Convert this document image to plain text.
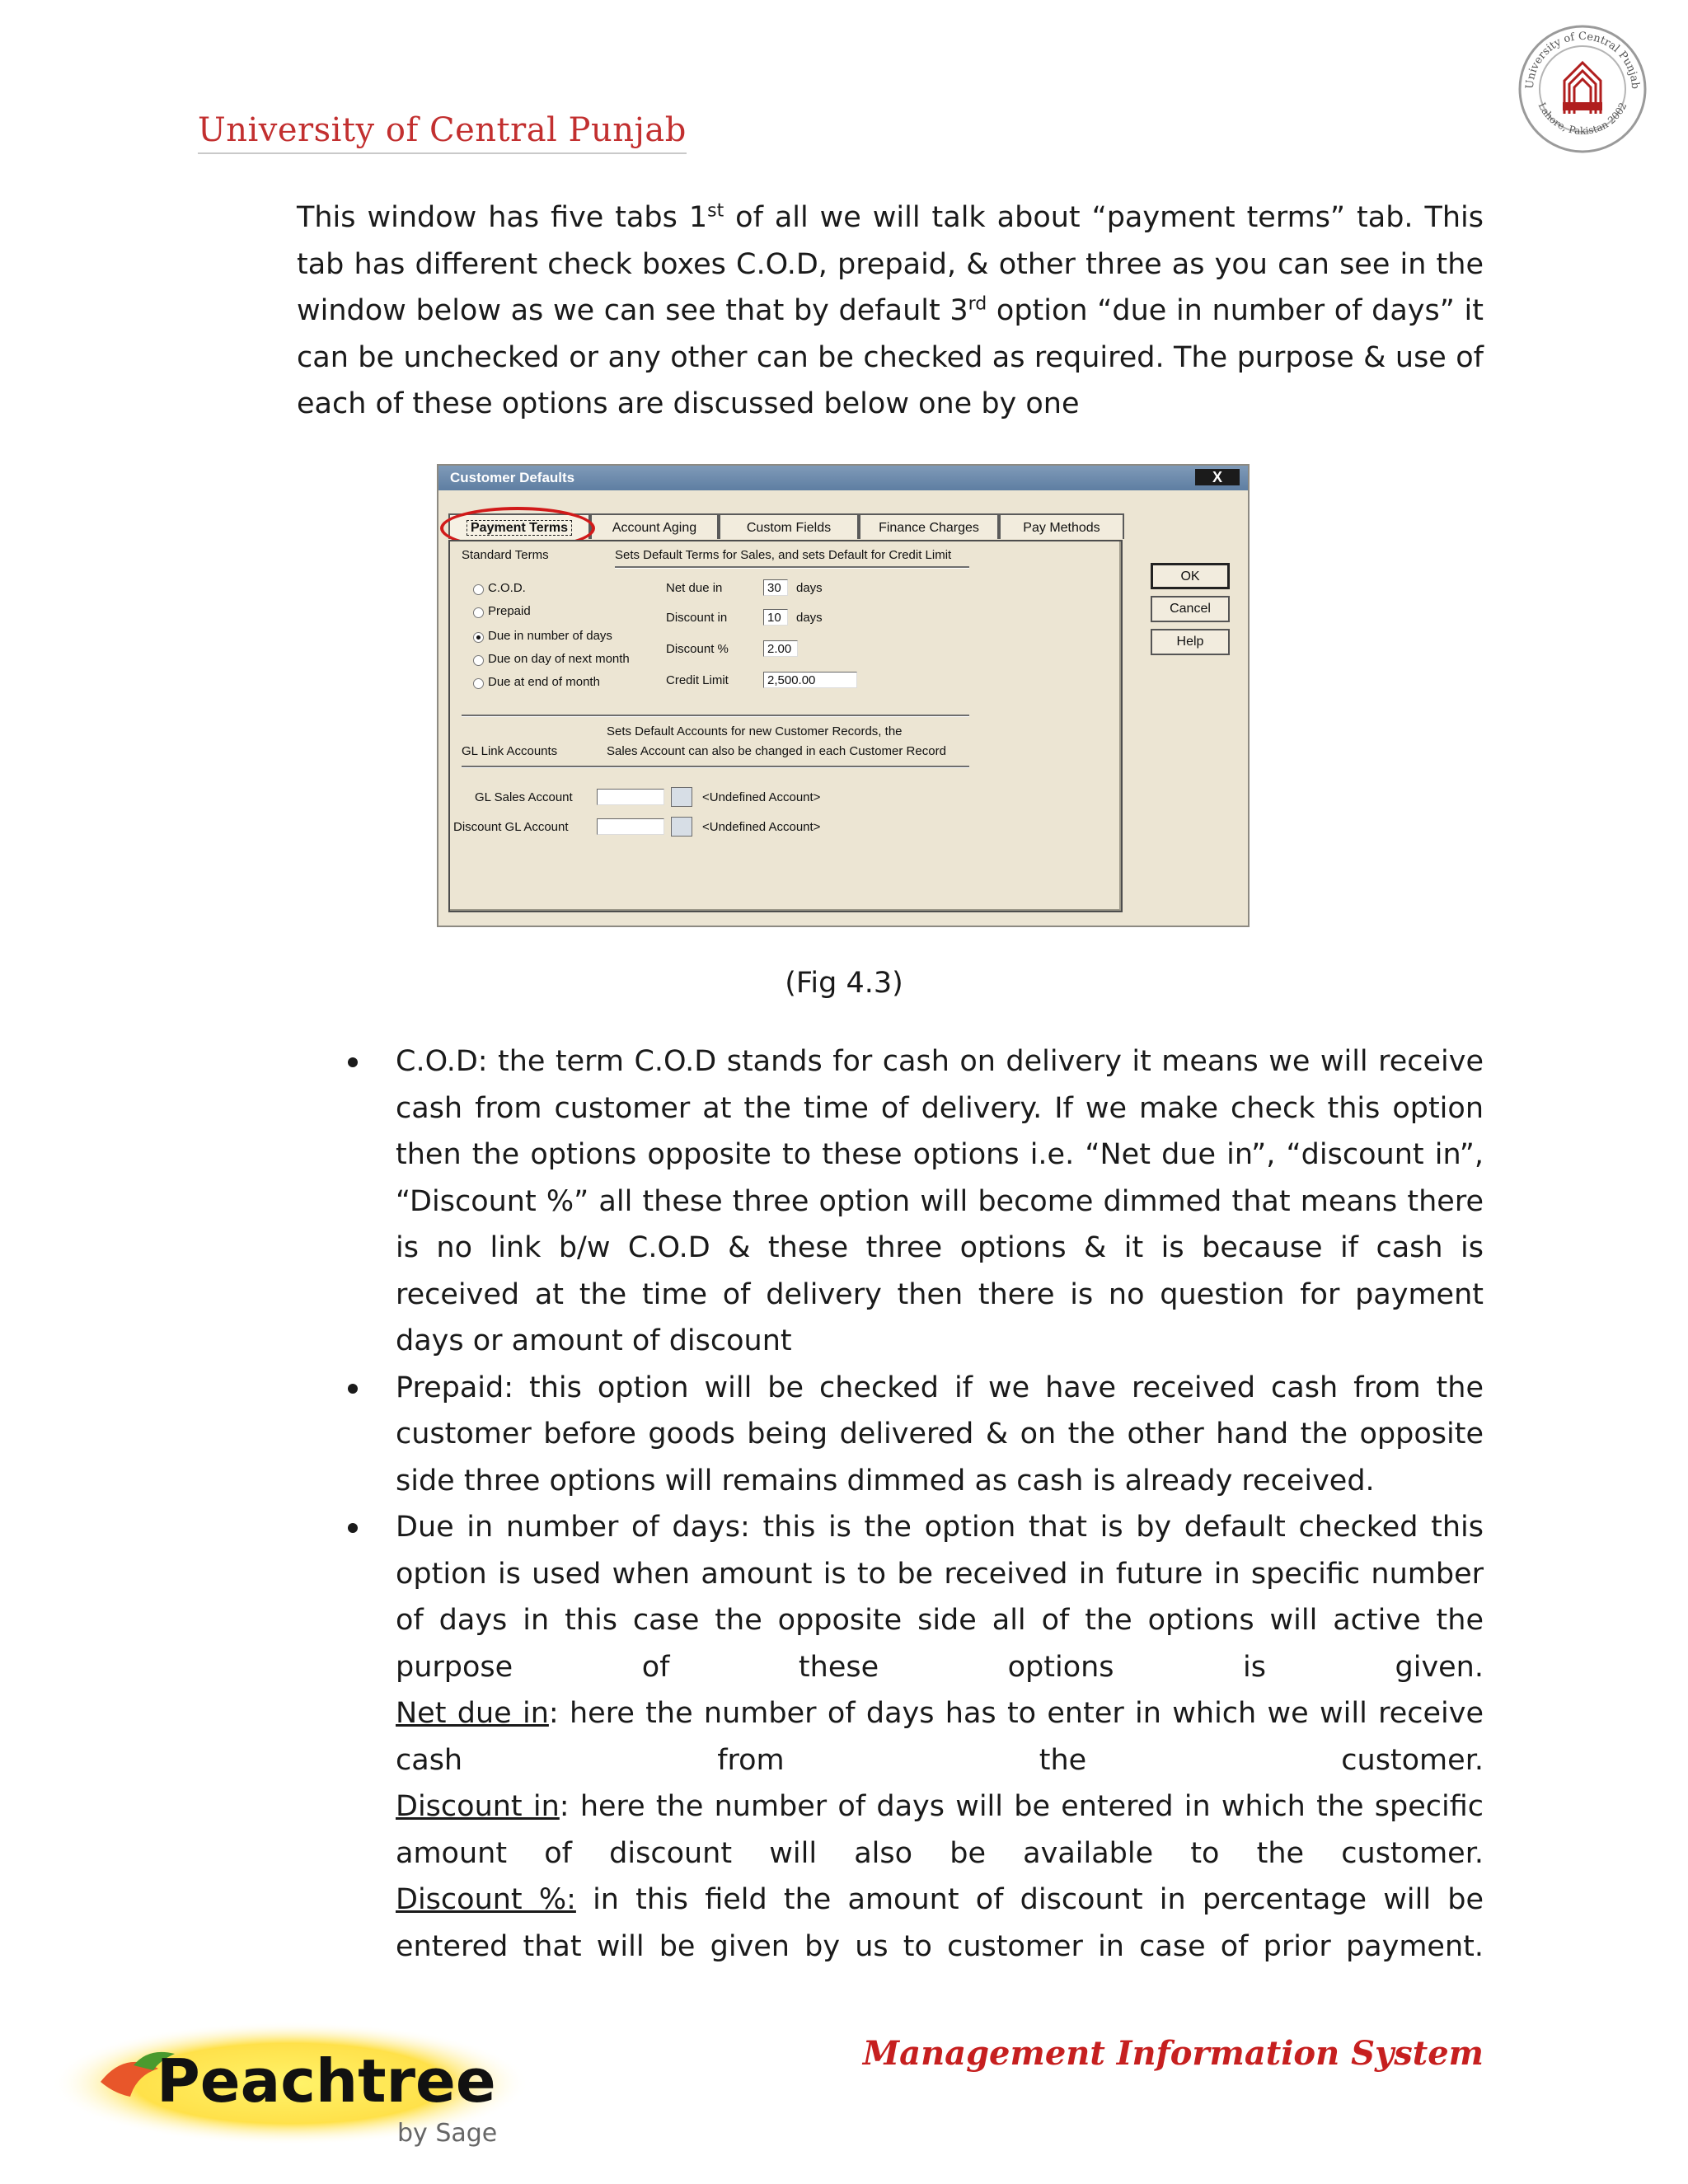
University of Central Punjab
University of Central Punjab
Lahore, Pakistan 2002
This window has five tabs 1st of all we will talk about “payment terms” tab. This tab has different check boxes C.O.D, prepaid, & other three as you can see in the window below as we can see that by default 3rd option “due in number of days” it can be unchecked or any other can be checked as required. The purpose & use of each of these options are discussed below one by one
Customer Defaults	X
Payment Terms	Account Aging	Custom Fields	Finance Charges	Pay Methods
Standard Terms	Sets Default Terms for Sales, and sets Default for Credit Limit
C.O.D.
Prepaid
Due in number of days
Due on day of next month
Due at end of month
Net due in	30	days
Discount in	10	days
Discount %	2.00
Credit Limit	2,500.00
Sets Default Accounts for new Customer Records, the
GL Link Accounts	Sales Account can also be changed in each Customer Record
GL Sales Account	<Undefined Account>
Discount GL Account	<Undefined Account>
OK
Cancel
Help
(Fig 4.3)
C.O.D: the term C.O.D stands for cash on delivery it means we will receive cash from customer at the time of delivery. If we make check this option then the options opposite to these options i.e. “Net due in”, “discount in”, “Discount %” all these three option will become dimmed that means there is no link b/w C.O.D & these three options & it is because if cash is received at the time of delivery then there is no question for payment days or amount of discount
Prepaid: this option will be checked if we have received cash from the customer before goods being delivered & on the other hand the opposite side three options will remains dimmed as cash is already received.
Due in number of days: this is the option that is by default checked this option is used when amount is to be received in future in specific number of days in this case the opposite side all of the options will active the purpose of these options is given.
Net due in: here the number of days has to enter in which we will receive cash from the customer.
Discount in: here the number of days will be entered in which the specific amount of discount will also be available to the customer.
Discount %: in this field the amount of discount in percentage will be entered that will be given by us to customer in case of prior payment.
Peachtree
by Sage
Management Information System
